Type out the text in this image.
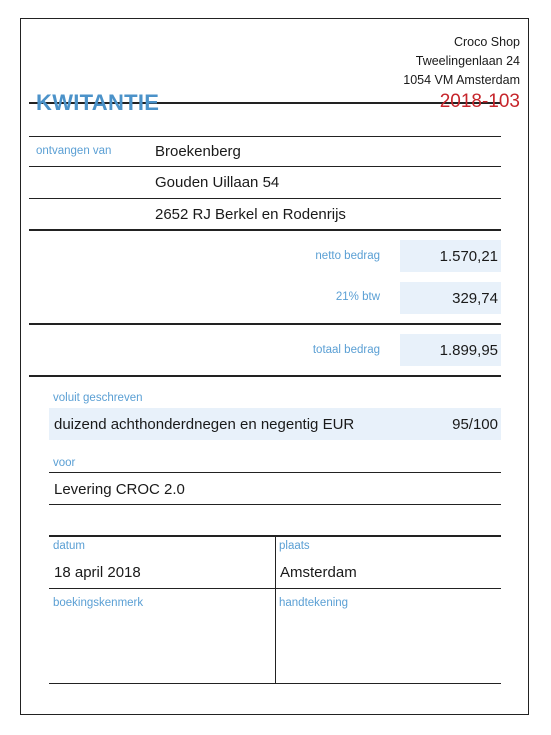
Croco Shop
Tweelingenlaan 24
1054 VM Amsterdam
KWITANTIE	2018-103
ontvangen van	Broekenberg
Gouden Uillaan 54
2652 RJ Berkel en Rodenrijs
netto bedrag	1.570,21
21% btw	329,74
totaal bedrag	1.899,95
voluit geschreven
duizend achthonderdnegen en negentig EUR	95/100
voor
Levering CROC 2.0
datum
18 april 2018
plaats
Amsterdam
boekingskenmerk	handtekening
